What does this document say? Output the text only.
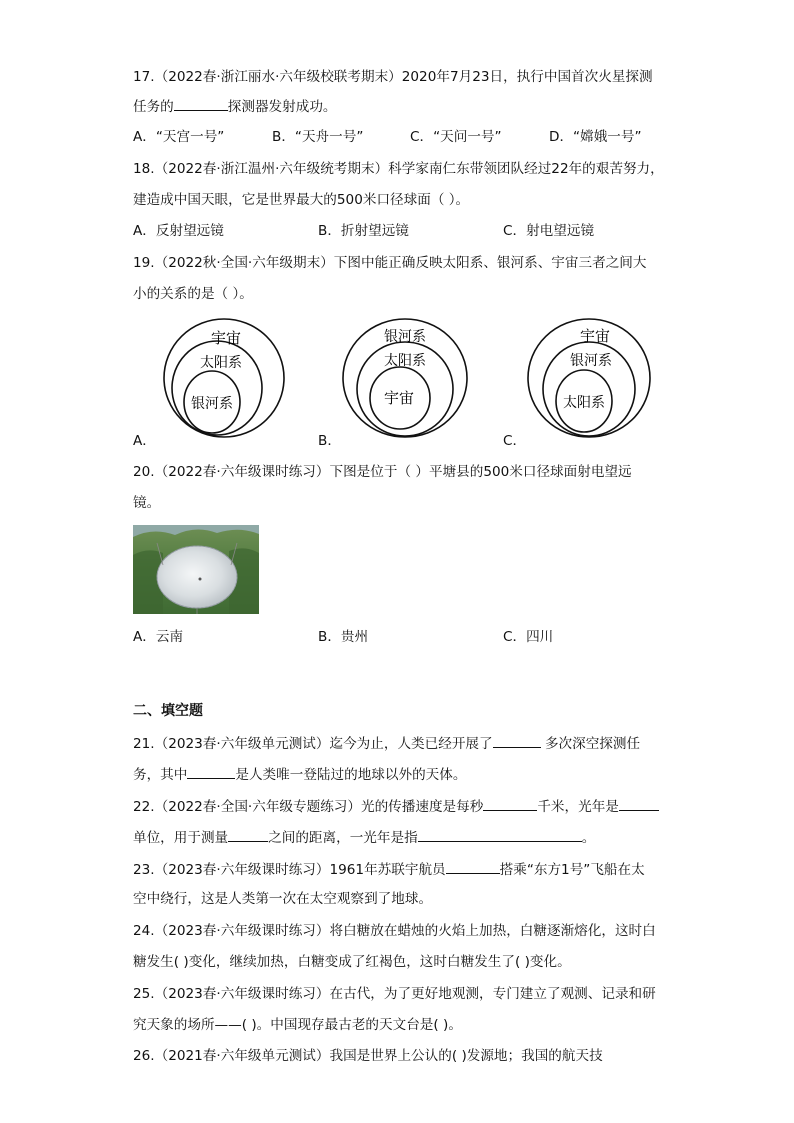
17.（2022春·浙江丽水·六年级校联考期末）2020年7月23日，执行中国首次火星探测
任务的	探测器发射成功。
A．“天宫一号”	B．“天舟一号”	C．“天问一号”	D．“嫦娥一号”
18.（2022春·浙江温州·六年级统考期末）科学家南仁东带领团队经过22年的艰苦努力，
建造成中国天眼，它是世界最大的500米口径球面（ ）。
A．反射望远镜	B．折射望远镜	C．射电望远镜
19.（2022秋·全国·六年级期末）下图中能正确反映太阳系、银河系、宇宙三者之间大
小的关系的是（ ）。
宇宙
太阳系
银河系
银河系
太阳系
宇宙
宇宙
银河系
太阳系
A．	B．	C．
20.（2022春·六年级课时练习）下图是位于（ ）平塘县的500米口径球面射电望远
镜。
A．云南	B．贵州	C．四川
二、填空题
21.（2023春·六年级单元测试）迄今为止，人类已经开展了	多次深空探测任
务，其中	是人类唯一登陆过的地球以外的天体。
22.（2022春·全国·六年级专题练习）光的传播速度是每秒	千米，光年是
单位，用于测量	之间的距离，一光年是指	。
23.（2023春·六年级课时练习）1961年苏联宇航员	搭乘“东方1号”飞船在太
空中绕行，这是人类第一次在太空观察到了地球。
24.（2023春·六年级课时练习）将白糖放在蜡烛的火焰上加热，白糖逐渐熔化，这时白
糖发生( )变化，继续加热，白糖变成了红褐色，这时白糖发生了( )变化。
25.（2023春·六年级课时练习）在古代，为了更好地观测，专门建立了观测、记录和研
究天象的场所——( )。中国现存最古老的天文台是( )。
26.（2021春·六年级单元测试）我国是世界上公认的( )发源地；我国的航天技
